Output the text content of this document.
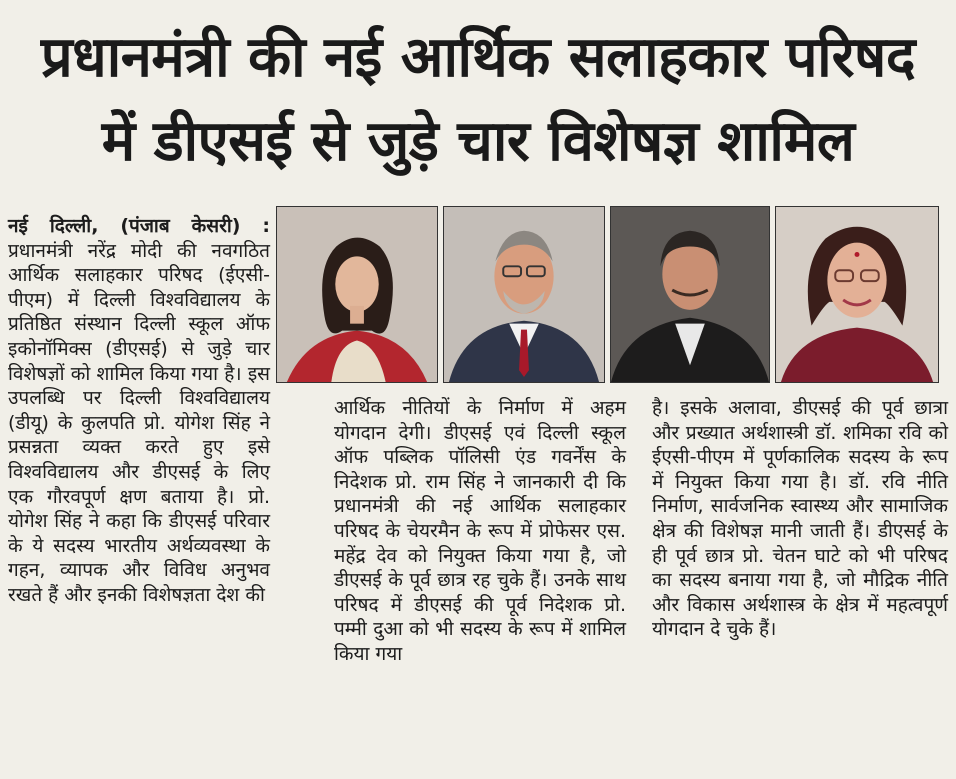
प्रधानमंत्री की नई आर्थिक सलाहकार परिषद
में डीएसई से जुड़े चार विशेषज्ञ शामिल

नई दिल्ली, (पंजाब केसरी) : प्रधानमंत्री नरेंद्र मोदी की नवगठित आर्थिक सलाहकार परिषद (ईएसी-पीएम) में दिल्ली विश्वविद्यालय के प्रतिष्ठित संस्थान दिल्ली स्कूल ऑफ इकोनॉमिक्स (डीएसई) से जुड़े चार विशेषज्ञों को शामिल किया गया है। इस उपलब्धि पर दिल्ली विश्वविद्यालय (डीयू) के कुलपति प्रो. योगेश सिंह ने प्रसन्नता व्यक्त करते हुए इसे विश्वविद्यालय और डीएसई के लिए एक गौरवपूर्ण क्षण बताया है। प्रो. योगेश सिंह ने कहा कि डीएसई परिवार के ये सदस्य भारतीय अर्थव्यवस्था के गहन, व्यापक और विविध अनुभव रखते हैं और इनकी विशेषज्ञता देश की

आर्थिक नीतियों के निर्माण में अहम योगदान देगी। डीएसई एवं दिल्ली स्कूल ऑफ पब्लिक पॉलिसी एंड गवर्नेंस के निदेशक प्रो. राम सिंह ने जानकारी दी कि प्रधानमंत्री की नई आर्थिक सलाहकार परिषद के चेयरमैन के रूप में प्रोफेसर एस. महेंद्र देव को नियुक्त किया गया है, जो डीएसई के पूर्व छात्र रह चुके हैं। उनके साथ परिषद में डीएसई की पूर्व निदेशक प्रो. पम्मी दुआ को भी सदस्य के रूप में शामिल किया गया

है। इसके अलावा, डीएसई की पूर्व छात्रा और प्रख्यात अर्थशास्त्री डॉ. शमिका रवि को ईएसी-पीएम में पूर्णकालिक सदस्य के रूप में नियुक्त किया गया है। डॉ. रवि नीति निर्माण, सार्वजनिक स्वास्थ्य और सामाजिक क्षेत्र की विशेषज्ञ मानी जाती हैं। डीएसई के ही पूर्व छात्र प्रो. चेतन घाटे को भी परिषद का सदस्य बनाया गया है, जो मौद्रिक नीति और विकास अर्थशास्त्र के क्षेत्र में महत्वपूर्ण योगदान दे चुके हैं।
